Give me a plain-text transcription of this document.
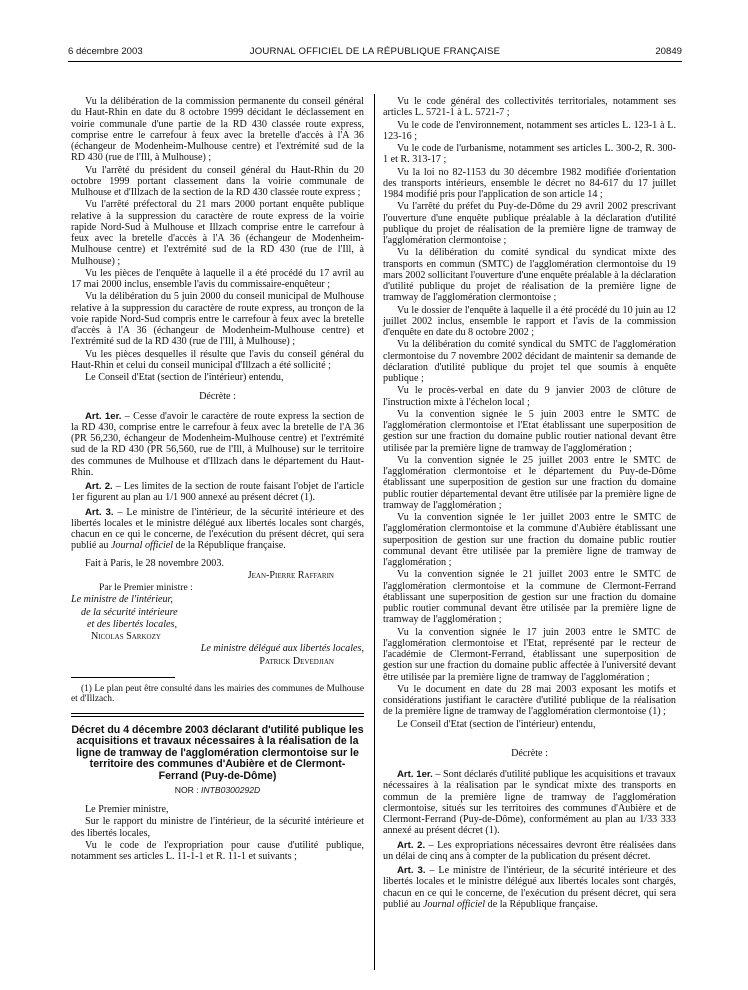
6 décembre 2003	JOURNAL OFFICIEL DE LA RÉPUBLIQUE FRANÇAISE	20849

Vu la délibération de la commission permanente du conseil général du Haut-Rhin en date du 8 octobre 1999 décidant le déclassement en voirie communale d'une partie de la RD 430 classée route express, comprise entre le carrefour à feux avec la bretelle d'accès à l'A 36 (échangeur de Modenheim-Mulhouse centre) et l'extrémité sud de la RD 430 (rue de l'Ill, à Mulhouse) ;

Vu l'arrêté du président du conseil général du Haut-Rhin du 20 octobre 1999 portant classement dans la voirie communale de Mulhouse et d'Illzach de la section de la RD 430 classée route express ;

Vu l'arrêté préfectoral du 21 mars 2000 portant enquête publique relative à la suppression du caractère de route express de la voirie rapide Nord-Sud à Mulhouse et Illzach comprise entre le carrefour à feux avec la bretelle d'accès à l'A 36 (échangeur de Modenheim-Mulhouse centre) et l'extrémité sud de la RD 430 (rue de l'Ill, à Mulhouse) ;

Vu les pièces de l'enquête à laquelle il a été procédé du 17 avril au 17 mai 2000 inclus, ensemble l'avis du commissaire-enquêteur ;

Vu la délibération du 5 juin 2000 du conseil municipal de Mulhouse relative à la suppression du caractère de route express, au tronçon de la voie rapide Nord-Sud compris entre le carrefour à feux avec la bretelle d'accès à l'A 36 (échangeur de Modenheim-Mulhouse centre) et l'extrémité sud de la RD 430 (rue de l'Ill, à Mulhouse) ;

Vu les pièces desquelles il résulte que l'avis du conseil général du Haut-Rhin et celui du conseil municipal d'Illzach a été sollicité ;

Le Conseil d'Etat (section de l'intérieur) entendu,

Décrète :

Art. 1er. – Cesse d'avoir le caractère de route express la section de la RD 430, comprise entre le carrefour à feux avec la bretelle de l'A 36 (PR 56,230, échangeur de Modenheim-Mulhouse centre) et l'extrémité sud de la RD 430 (PR 56,560, rue de l'Ill, à Mulhouse) sur le territoire des communes de Mulhouse et d'Illzach dans le département du Haut-Rhin.

Art. 2. – Les limites de la section de route faisant l'objet de l'article 1er figurent au plan au 1/1 900 annexé au présent décret (1).

Art. 3. – Le ministre de l'intérieur, de la sécurité intérieure et des libertés locales et le ministre délégué aux libertés locales sont chargés, chacun en ce qui le concerne, de l'exécution du présent décret, qui sera publié au Journal officiel de la République française.

Fait à Paris, le 28 novembre 2003.

Jean-Pierre Raffarin

Par le Premier ministre :

Le ministre de l'intérieur,

de la sécurité intérieure

et des libertés locales,

Nicolas Sarkozy

Le ministre délégué aux libertés locales,

Patrick Devedjian

(1) Le plan peut être consulté dans les mairies des communes de Mulhouse et d'Illzach.

Décret du 4 décembre 2003 déclarant d'utilité publique les acquisitions et travaux nécessaires à la réalisation de la ligne de tramway de l'agglomération clermontoise sur le territoire des communes d'Aubière et de Clermont-Ferrand (Puy-de-Dôme)
NOR : INTB0300292D

Le Premier ministre,

Sur le rapport du ministre de l'intérieur, de la sécurité intérieure et des libertés locales,

Vu le code de l'expropriation pour cause d'utilité publique, notamment ses articles L. 11-1-1 et R. 11-1 et suivants ;

Vu le code général des collectivités territoriales, notamment ses articles L. 5721-1 à L. 5721-7 ;

Vu le code de l'environnement, notamment ses articles L. 123-1 à L. 123-16 ;

Vu le code de l'urbanisme, notamment ses articles L. 300-2, R. 300-1 et R. 313-17 ;

Vu la loi no 82-1153 du 30 décembre 1982 modifiée d'orientation des transports intérieurs, ensemble le décret no 84-617 du 17 juillet 1984 modifié pris pour l'application de son article 14 ;

Vu l'arrêté du préfet du Puy-de-Dôme du 29 avril 2002 prescrivant l'ouverture d'une enquête publique préalable à la déclaration d'utilité publique du projet de réalisation de la première ligne de tramway de l'agglomération clermontoise ;

Vu la délibération du comité syndical du syndicat mixte des transports en commun (SMTC) de l'agglomération clermontoise du 19 mars 2002 sollicitant l'ouverture d'une enquête préalable à la déclaration d'utilité publique du projet de réalisation de la première ligne de tramway de l'agglomération clermontoise ;

Vu le dossier de l'enquête à laquelle il a été procédé du 10 juin au 12 juillet 2002 inclus, ensemble le rapport et l'avis de la commission d'enquête en date du 8 octobre 2002 ;

Vu la délibération du comité syndical du SMTC de l'agglomération clermontoise du 7 novembre 2002 décidant de maintenir sa demande de déclaration d'utilité publique du projet tel que soumis à enquête publique ;

Vu le procès-verbal en date du 9 janvier 2003 de clôture de l'instruction mixte à l'échelon local ;

Vu la convention signée le 5 juin 2003 entre le SMTC de l'agglomération clermontoise et l'Etat établissant une superposition de gestion sur une fraction du domaine public routier national devant être utilisée par la première ligne de tramway de l'agglomération ;

Vu la convention signée le 25 juillet 2003 entre le SMTC de l'agglomération clermontoise et le département du Puy-de-Dôme établissant une superposition de gestion sur une fraction du domaine public routier départemental devant être utilisée par la première ligne de tramway de l'agglomération ;

Vu la convention signée le 1er juillet 2003 entre le SMTC de l'agglomération clermontoise et la commune d'Aubière établissant une superposition de gestion sur une fraction du domaine public routier communal devant être utilisée par la première ligne de tramway de l'agglomération ;

Vu la convention signée le 21 juillet 2003 entre le SMTC de l'agglomération clermontoise et la commune de Clermont-Ferrand établissant une superposition de gestion sur une fraction du domaine public routier communal devant être utilisée par la première ligne de tramway de l'agglomération ;

Vu la convention signée le 17 juin 2003 entre le SMTC de l'agglomération clermontoise et l'Etat, représenté par le recteur de l'académie de Clermont-Ferrand, établissant une superposition de gestion sur une fraction du domaine public affectée à l'université devant être utilisée par la première ligne de tramway de l'agglomération ;

Vu le document en date du 28 mai 2003 exposant les motifs et considérations justifiant le caractère d'utilité publique de la réalisation de la première ligne de tramway de l'agglomération clermontoise (1) ;

Le Conseil d'Etat (section de l'intérieur) entendu,

Décrète :

Art. 1er. – Sont déclarés d'utilité publique les acquisitions et travaux nécessaires à la réalisation par le syndicat mixte des transports en commun de la première ligne de tramway de l'agglomération clermontoise, situés sur les territoires des communes d'Aubière et de Clermont-Ferrand (Puy-de-Dôme), conformément au plan au 1/33 333 annexé au présent décret (1).

Art. 2. – Les expropriations nécessaires devront être réalisées dans un délai de cinq ans à compter de la publication du présent décret.

Art. 3. – Le ministre de l'intérieur, de la sécurité intérieure et des libertés locales et le ministre délégué aux libertés locales sont chargés, chacun en ce qui le concerne, de l'exécution du présent décret, qui sera publié au Journal officiel de la République française.
